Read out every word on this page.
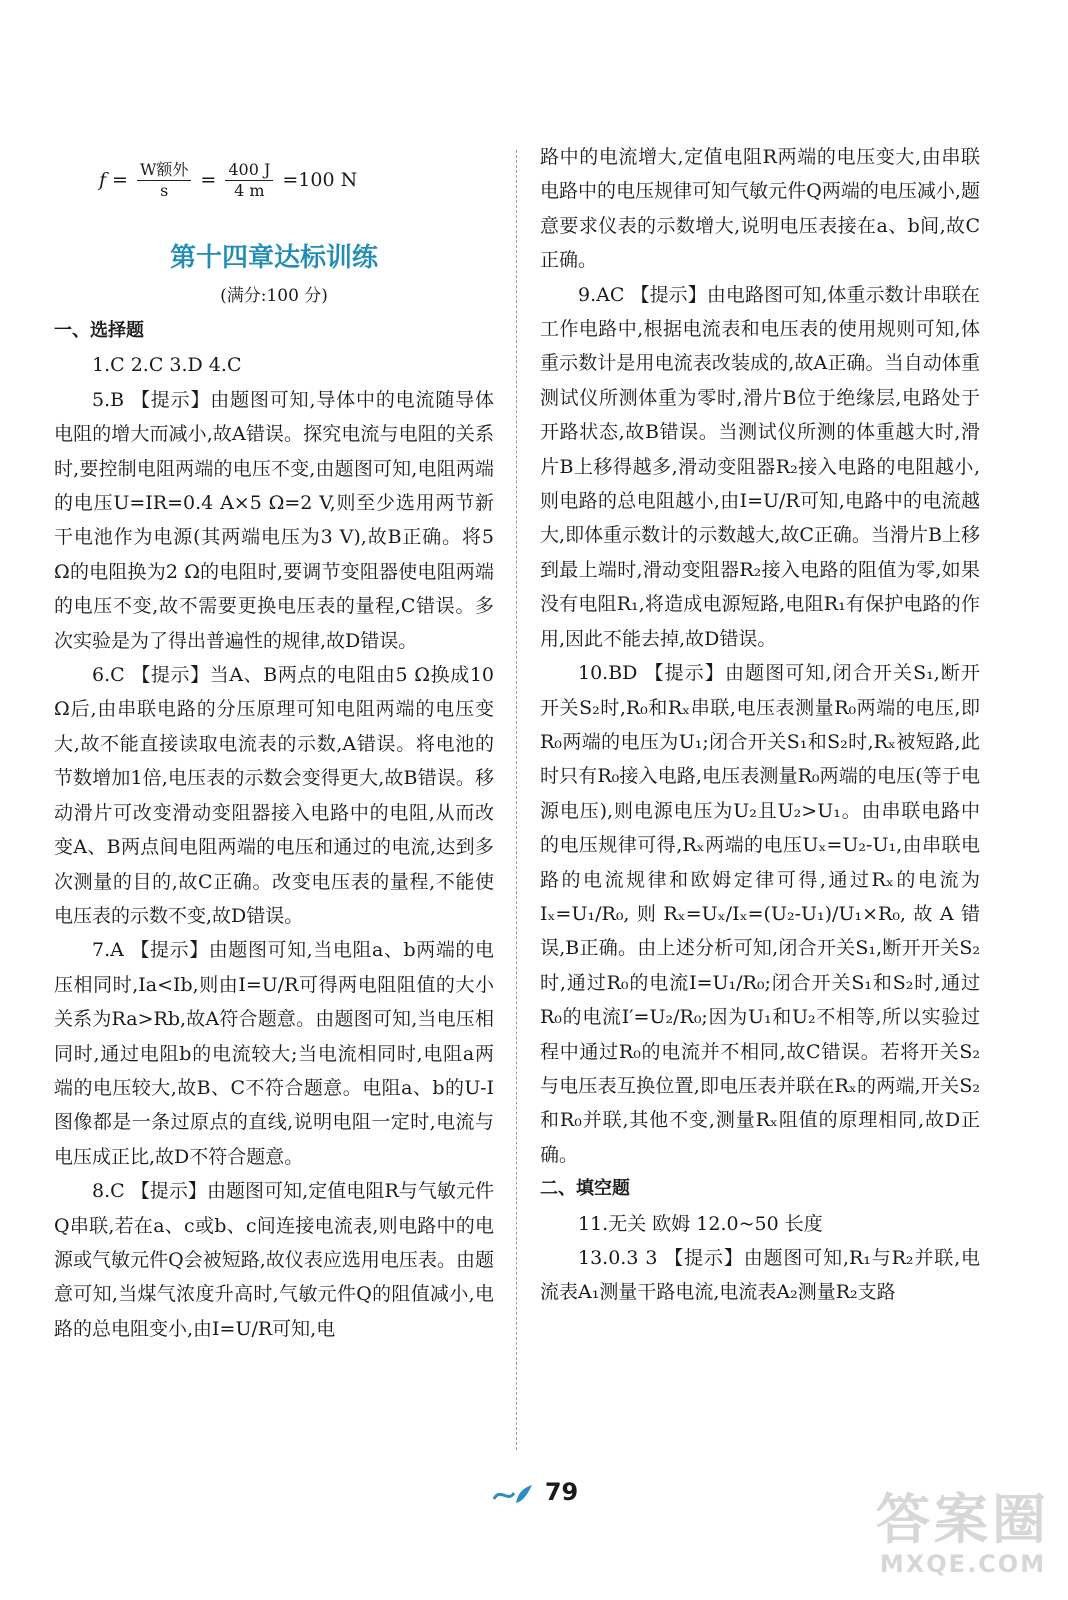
$f = \frac{\text{W额外}}{s} = \frac{400 J}{4 m} =100$ N
第十四章达标训练
(满分:100 分)

一、选择题

1.C 2.C 3.D 4.C

5.B 【提示】由题图可知,导体中的电流随导体电阻的增大而减小,故A错误。探究电流与电阻的关系时,要控制电阻两端的电压不变,由题图可知,电阻两端的电压U=IR=0.4 A×5 Ω=2 V,则至少选用两节新干电池作为电源(其两端电压为3 V),故B正确。将5 Ω的电阻换为2 Ω的电阻时,要调节变阻器使电阻两端的电压不变,故不需要更换电压表的量程,C错误。多次实验是为了得出普遍性的规律,故D错误。

6.C 【提示】当A、B两点的电阻由5 Ω换成10 Ω后,由串联电路的分压原理可知电阻两端的电压变大,故不能直接读取电流表的示数,A错误。将电池的节数增加1倍,电压表的示数会变得更大,故B错误。移动滑片可改变滑动变阻器接入电路中的电阻,从而改变A、B两点间电阻两端的电压和通过的电流,达到多次测量的目的,故C正确。改变电压表的量程,不能使电压表的示数不变,故D错误。

7.A 【提示】由题图可知,当电阻a、b两端的电压相同时,Ia<Ib,则由I=U/R可得两电阻阻值的大小关系为Ra>Rb,故A符合题意。由题图可知,当电压相同时,通过电阻b的电流较大;当电流相同时,电阻a两端的电压较大,故B、C不符合题意。电阻a、b的U-I图像都是一条过原点的直线,说明电阻一定时,电流与电压成正比,故D不符合题意。

8.C 【提示】由题图可知,定值电阻R与气敏元件Q串联,若在a、c或b、c间连接电流表,则电路中的电源或气敏元件Q会被短路,故仪表应选用电压表。由题意可知,当煤气浓度升高时,气敏元件Q的阻值减小,电路的总电阻变小,由I=U/R可知,电

路中的电流增大,定值电阻R两端的电压变大,由串联电路中的电压规律可知气敏元件Q两端的电压减小,题意要求仪表的示数增大,说明电压表接在a、b间,故C正确。

9.AC 【提示】由电路图可知,体重示数计串联在工作电路中,根据电流表和电压表的使用规则可知,体重示数计是用电流表改装成的,故A正确。当自动体重测试仪所测体重为零时,滑片B位于绝缘层,电路处于开路状态,故B错误。当测试仪所测的体重越大时,滑片B上移得越多,滑动变阻器R₂接入电路的电阻越小,则电路的总电阻越小,由I=U/R可知,电路中的电流越大,即体重示数计的示数越大,故C正确。当滑片B上移到最上端时,滑动变阻器R₂接入电路的阻值为零,如果没有电阻R₁,将造成电源短路,电阻R₁有保护电路的作用,因此不能去掉,故D错误。

10.BD 【提示】由题图可知,闭合开关S₁,断开开关S₂时,R₀和Rₓ串联,电压表测量R₀两端的电压,即R₀两端的电压为U₁;闭合开关S₁和S₂时,Rₓ被短路,此时只有R₀接入电路,电压表测量R₀两端的电压(等于电源电压),则电源电压为U₂且U₂>U₁。由串联电路中的电压规律可得,Rₓ两端的电压Uₓ=U₂-U₁,由串联电路的电流规律和欧姆定律可得,通过Rₓ的电流为Iₓ=U₁/R₀,则Rₓ=Uₓ/Iₓ=(U₂-U₁)/U₁×R₀,故A错误,B正确。由上述分析可知,闭合开关S₁,断开开关S₂时,通过R₀的电流I=U₁/R₀;闭合开关S₁和S₂时,通过R₀的电流I′=U₂/R₀;因为U₁和U₂不相等,所以实验过程中通过R₀的电流并不相同,故C错误。若将开关S₂与电压表互换位置,即电压表并联在Rₓ的两端,开关S₂和R₀并联,其他不变,测量Rₓ阻值的原理相同,故D正确。

二、填空题

11.无关 欧姆 12.0~50 长度

13.0.3 3 【提示】由题图可知,R₁与R₂并联,电流表A₁测量干路电流,电流表A₂测量R₂支路

79	答案圈
MXQE.COM
